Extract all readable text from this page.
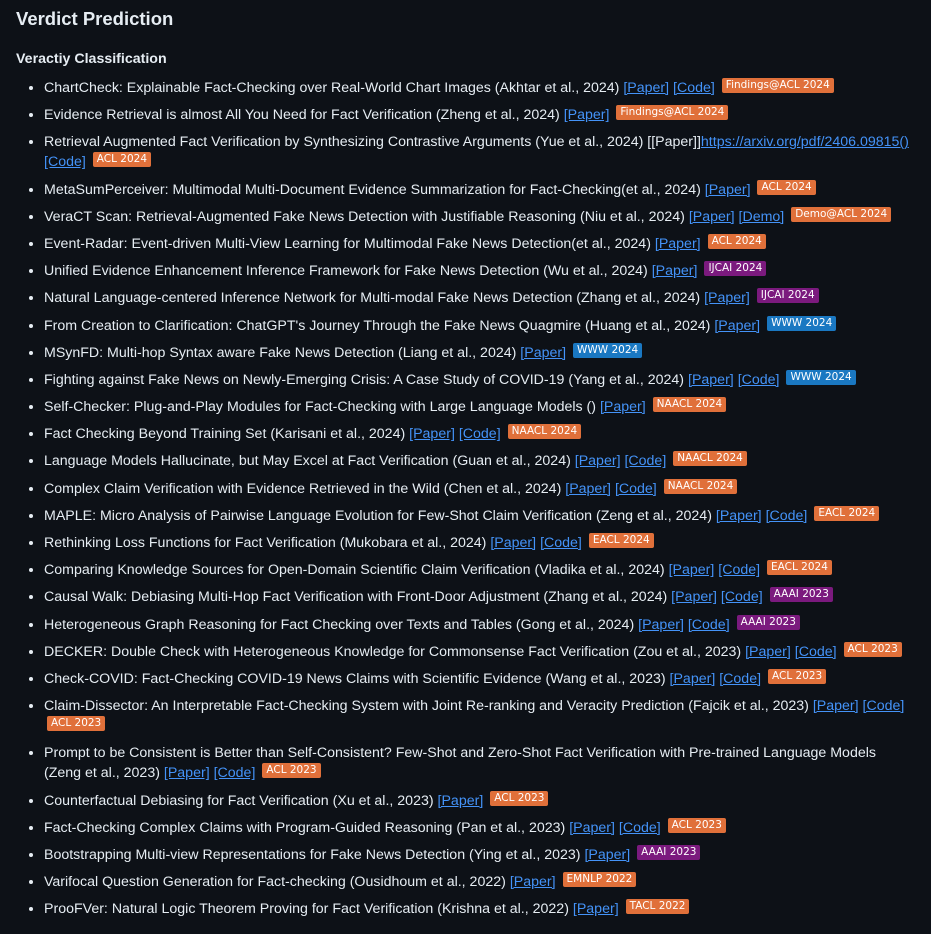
Verdict Prediction
Veractiy Classification
• ChartCheck: Explainable Fact-Checking over Real-World Chart Images (Akhtar et al., 2024) [Paper] [Code] Findings@ACL 2024
• Evidence Retrieval is almost All You Need for Fact Verification (Zheng et al., 2024) [Paper] Findings@ACL 2024
• Retrieval Augmented Fact Verification by Synthesizing Contrastive Arguments (Yue et al., 2024) [[Paper]]https://arxiv.org/pdf/2406.09815() [Code] ACL 2024
• MetaSumPerceiver: Multimodal Multi-Document Evidence Summarization for Fact-Checking(et al., 2024) [Paper] ACL 2024
• VeraCT Scan: Retrieval-Augmented Fake News Detection with Justifiable Reasoning (Niu et al., 2024) [Paper] [Demo] Demo@ACL 2024
• Event-Radar: Event-driven Multi-View Learning for Multimodal Fake News Detection(et al., 2024) [Paper] ACL 2024
• Unified Evidence Enhancement Inference Framework for Fake News Detection (Wu et al., 2024) [Paper] IJCAI 2024
• Natural Language-centered Inference Network for Multi-modal Fake News Detection (Zhang et al., 2024) [Paper] IJCAI 2024
• From Creation to Clarification: ChatGPT's Journey Through the Fake News Quagmire (Huang et al., 2024) [Paper] WWW 2024
• MSynFD: Multi-hop Syntax aware Fake News Detection (Liang et al., 2024) [Paper] WWW 2024
• Fighting against Fake News on Newly-Emerging Crisis: A Case Study of COVID-19 (Yang et al., 2024) [Paper] [Code] WWW 2024
• Self-Checker: Plug-and-Play Modules for Fact-Checking with Large Language Models () [Paper] NAACL 2024
• Fact Checking Beyond Training Set (Karisani et al., 2024) [Paper] [Code] NAACL 2024
• Language Models Hallucinate, but May Excel at Fact Verification (Guan et al., 2024) [Paper] [Code] NAACL 2024
• Complex Claim Verification with Evidence Retrieved in the Wild (Chen et al., 2024) [Paper] [Code] NAACL 2024
• MAPLE: Micro Analysis of Pairwise Language Evolution for Few-Shot Claim Verification (Zeng et al., 2024) [Paper] [Code] EACL 2024
• Rethinking Loss Functions for Fact Verification (Mukobara et al., 2024) [Paper] [Code] EACL 2024
• Comparing Knowledge Sources for Open-Domain Scientific Claim Verification (Vladika et al., 2024) [Paper] [Code] EACL 2024
• Causal Walk: Debiasing Multi-Hop Fact Verification with Front-Door Adjustment (Zhang et al., 2024) [Paper] [Code] AAAI 2023
• Heterogeneous Graph Reasoning for Fact Checking over Texts and Tables (Gong et al., 2024) [Paper] [Code] AAAI 2023
• DECKER: Double Check with Heterogeneous Knowledge for Commonsense Fact Verification (Zou et al., 2023) [Paper] [Code] ACL 2023
• Check-COVID: Fact-Checking COVID-19 News Claims with Scientific Evidence (Wang et al., 2023) [Paper] [Code] ACL 2023
• Claim-Dissector: An Interpretable Fact-Checking System with Joint Re-ranking and Veracity Prediction (Fajcik et al., 2023) [Paper] [Code] ACL 2023
• Prompt to be Consistent is Better than Self-Consistent? Few-Shot and Zero-Shot Fact Verification with Pre-trained Language Models (Zeng et al., 2023) [Paper] [Code] ACL 2023
• Counterfactual Debiasing for Fact Verification (Xu et al., 2023) [Paper] ACL 2023
• Fact-Checking Complex Claims with Program-Guided Reasoning (Pan et al., 2023) [Paper] [Code] ACL 2023
• Bootstrapping Multi-view Representations for Fake News Detection (Ying et al., 2023) [Paper] AAAI 2023
• Varifocal Question Generation for Fact-checking (Ousidhoum et al., 2022) [Paper] EMNLP 2022
• ProoFVer: Natural Logic Theorem Proving for Fact Verification (Krishna et al., 2022) [Paper] TACL 2022
